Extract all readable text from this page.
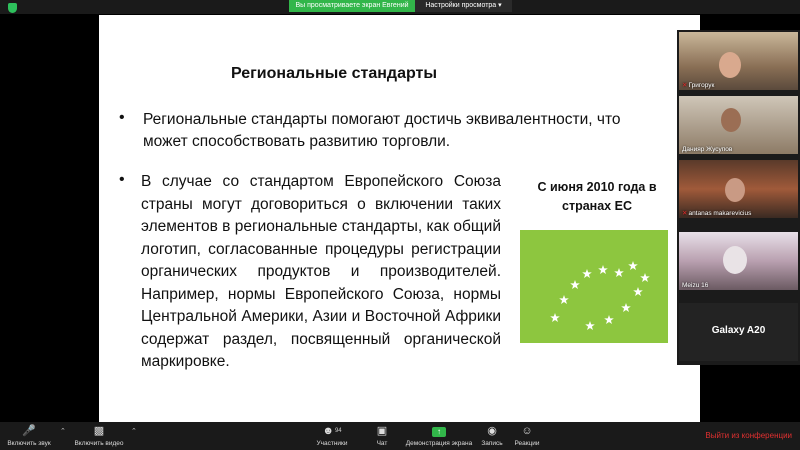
Вы просматриваете экран Евгений	Настройки просмотра ▾
Региональные стандарты
• Региональные стандарты помогают достичь эквивалентности, что может способствовать развитию торговли.
• В случае со стандартом Европейского Союза страны могут договориться о включении таких элементов в региональные стандарты, как общий логотип, согласованные процедуры регистрации органических продуктов и производителей. Например, нормы Европейского Союза, нормы Центральной Америки, Азии и Восточной Африки содержат раздел, посвященный органической маркировке.
С июня 2010 года в странах ЕС
✕Григорук
Данияр Жусупов
✕antanas makarevicius
Meizu 16
Galaxy A20
🎤
Включить звук
⌃	▩
Включить видео
⌃	☻$^{94}$
Участники
▣
Чат
↑
Демонстрация экрана
◉
Запись
☺
Реакции
Выйти из конференции
